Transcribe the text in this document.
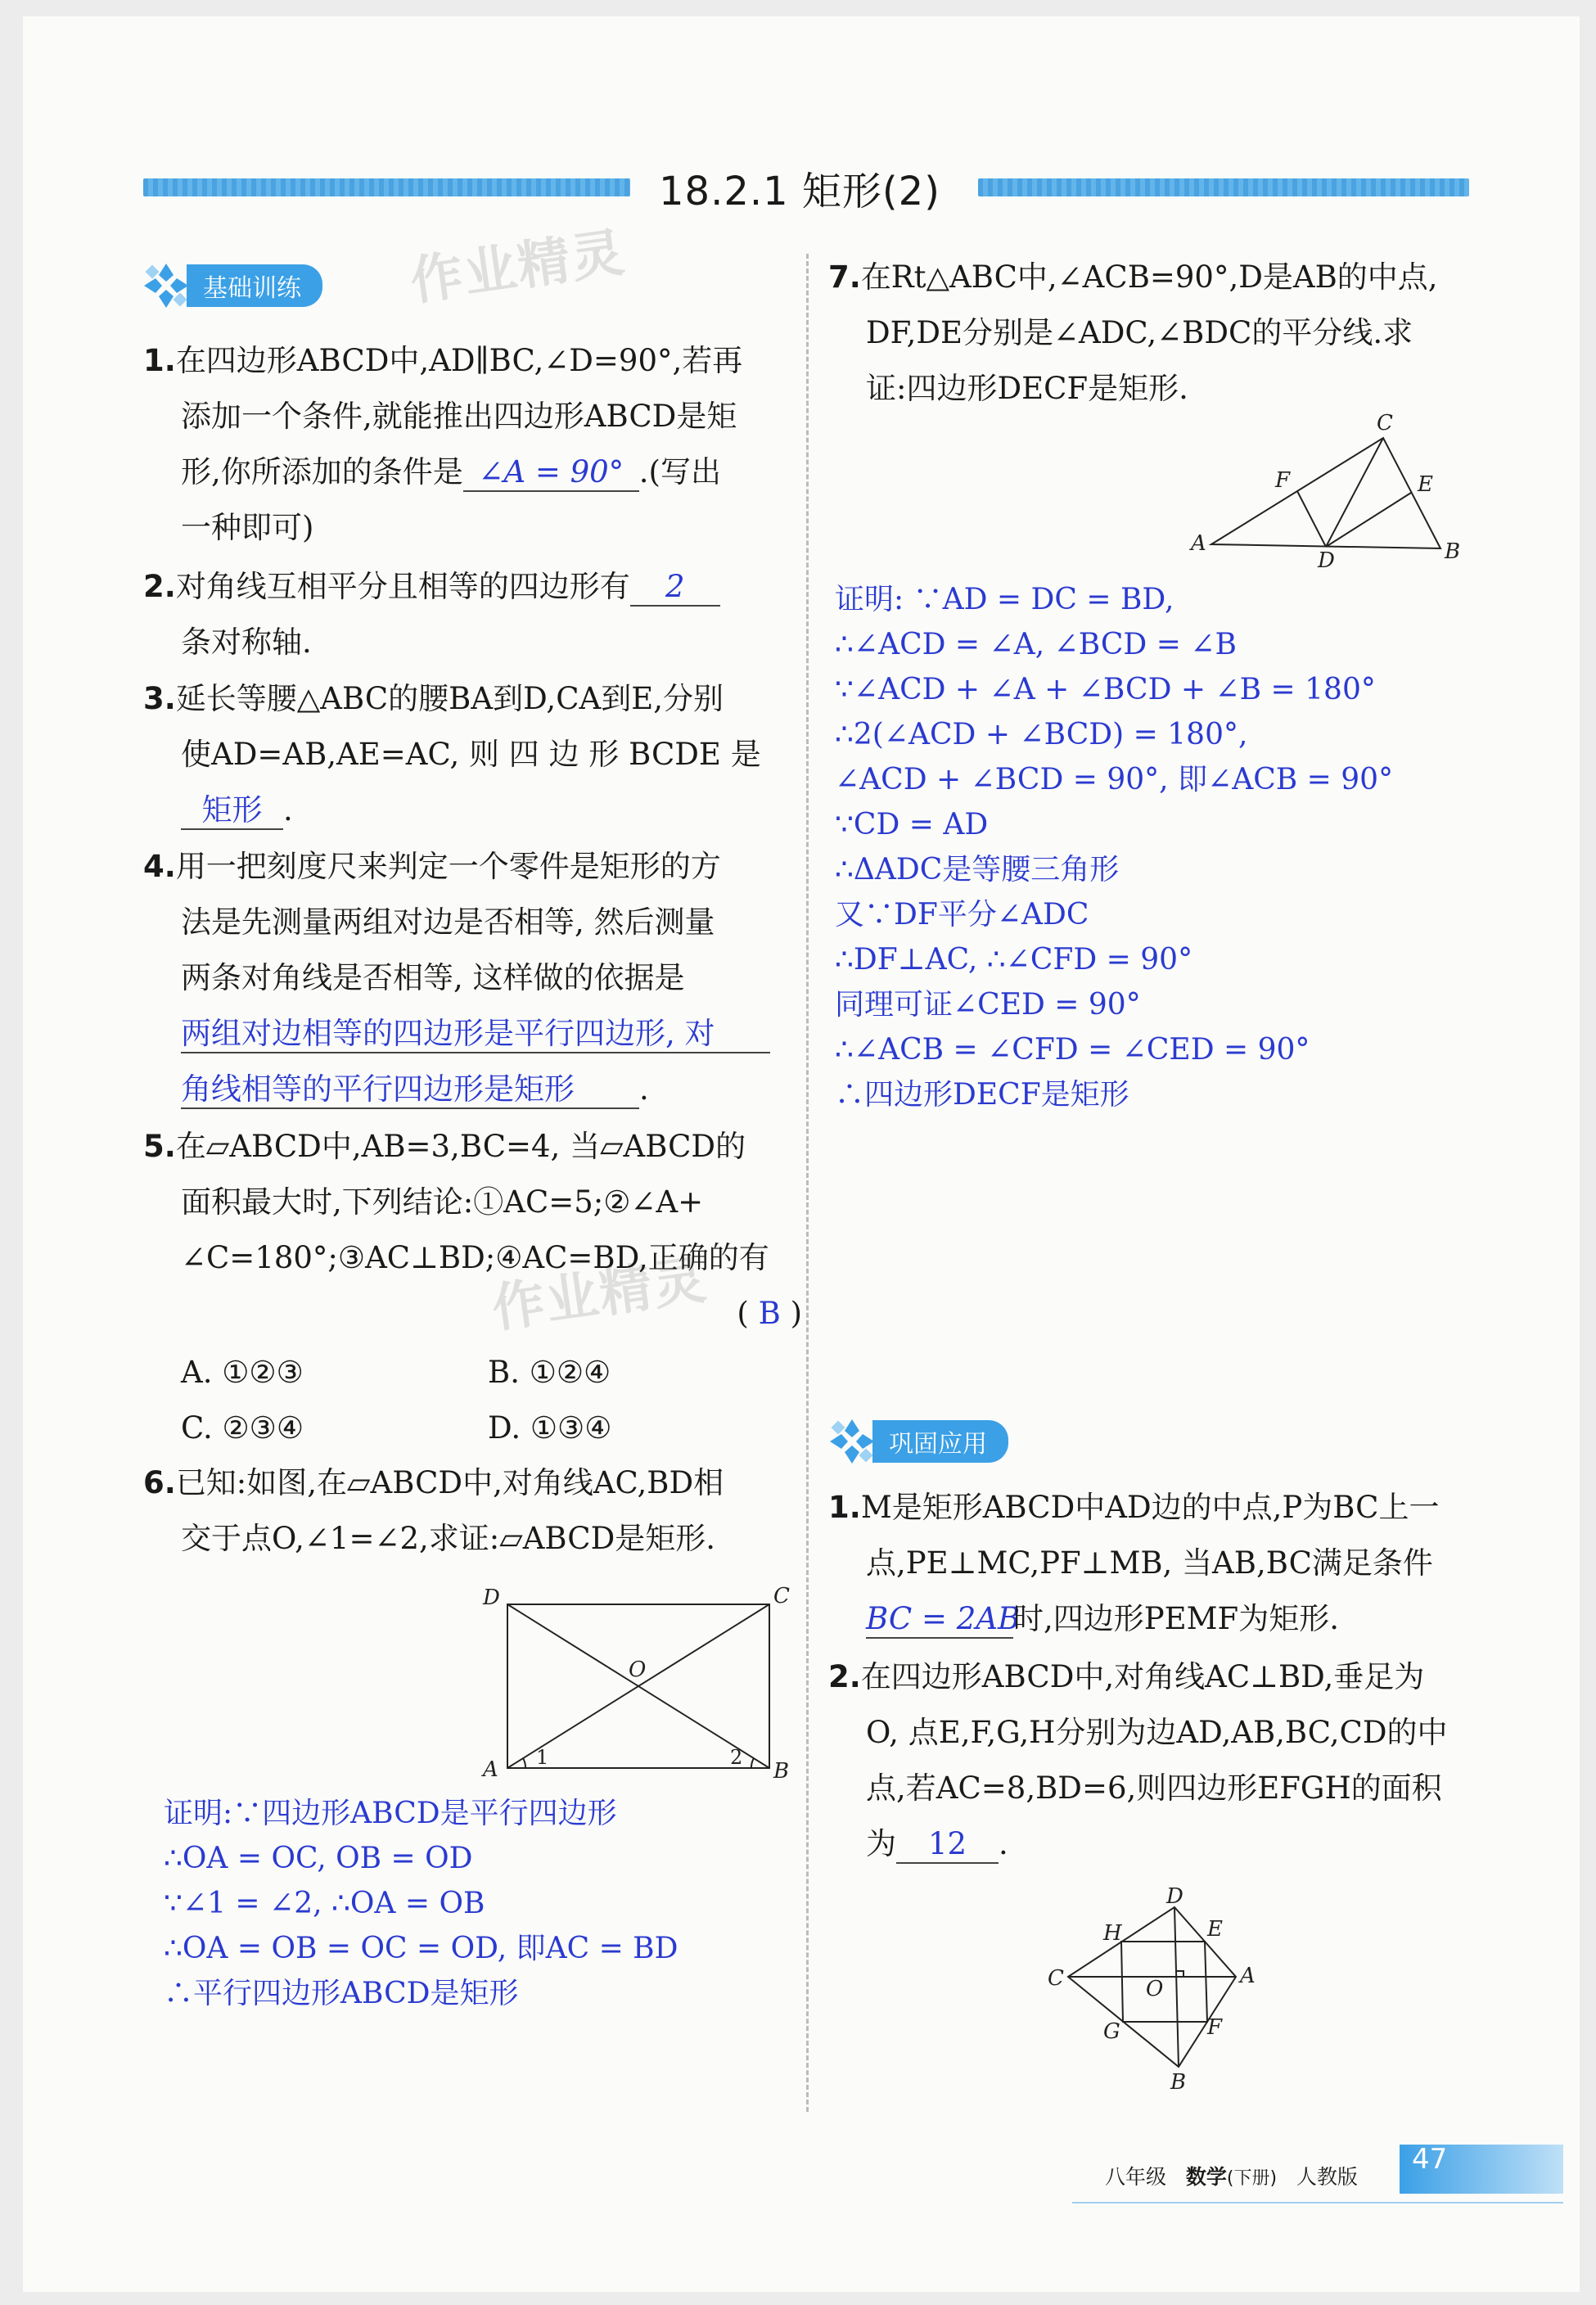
18.2.1 矩形(2)
作业精灵
作业精灵
基础训练
1.在四边形ABCD中,AD∥BC,∠D=90°,若再
添加一个条件,就能推出四边形ABCD是矩
形,你所添加的条件是 ∠A = 90° .(写出
一种即可)
2.对角线互相平分且相等的四边形有 2
条对称轴.
3.延长等腰△ABC的腰BA到D,CA到E,分别
使AD=AB,AE=AC, 则 四 边 形 BCDE 是
矩形 .
4.用一把刻度尺来判定一个零件是矩形的方
法是先测量两组对边是否相等, 然后测量
两条对角线是否相等, 这样做的依据是
两组对边相等的四边形是平行四边形, 对
角线相等的平行四边形是矩形 .
5.在▱ABCD中,AB=3,BC=4, 当▱ABCD的
面积最大时,下列结论:①AC=5;②∠A+
∠C=180°;③AC⊥BD;④AC=BD,正确的有
( B )
A. ①②③	B. ①②④
C. ②③④	D. ①③④
6.已知:如图,在▱ABCD中,对角线AC,BD相
交于点O,∠1=∠2,求证:▱ABCD是矩形.
D	C
O
A	B
1	2
证明:∵四边形ABCD是平行四边形
∴OA = OC, OB = OD
∵∠1 = ∠2, ∴OA = OB
∴OA = OB = OC = OD, 即AC = BD
∴平行四边形ABCD是矩形
7.在Rt△ABC中,∠ACB=90°,D是AB的中点,
DF,DE分别是∠ADC,∠BDC的平分线.求
证:四边形DECF是矩形.
C
F	E
A
D	B
证明: ∵AD = DC = BD,
∴∠ACD = ∠A, ∠BCD = ∠B
∵∠ACD + ∠A + ∠BCD + ∠B = 180°
∴2(∠ACD + ∠BCD) = 180°,
∠ACD + ∠BCD = 90°, 即∠ACB = 90°
∵CD = AD
∴ΔADC是等腰三角形
又∵DF平分∠ADC
∴DF⊥AC, ∴∠CFD = 90°
同理可证∠CED = 90°
∴∠ACB = ∠CFD = ∠CED = 90°
∴四边形DECF是矩形
巩固应用
1.M是矩形ABCD中AD边的中点,P为BC上一
点,PE⊥MC,PF⊥MB, 当AB,BC满足条件
BC = 2AB时,四边形PEMF为矩形.
2.在四边形ABCD中,对角线AC⊥BD,垂足为
O, 点E,F,G,H分别为边AD,AB,BC,CD的中
点,若AC=8,BD=6,则四边形EFGH的面积
为 12 .
D
H	E
C	A
O
G	F
B
八年级 数学(下册) 人教版
47
